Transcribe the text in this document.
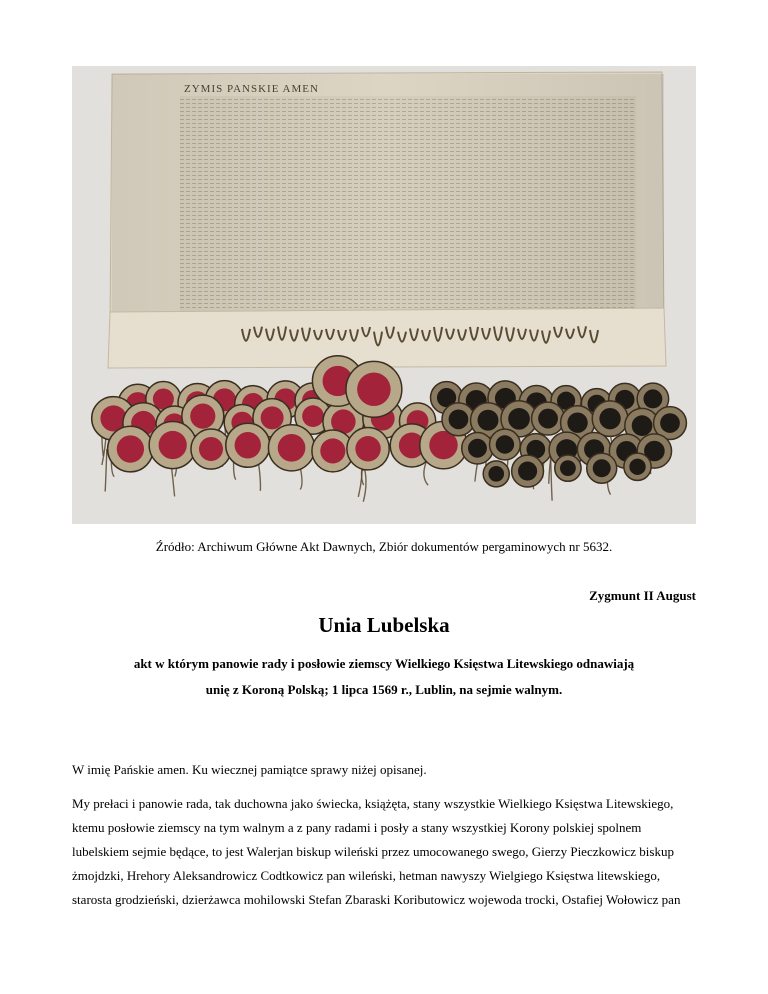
ZYMIS PANSKIE AMEN
Źródło: Archiwum Główne Akt Dawnych, Zbiór dokumentów pergaminowych nr 5632.
Zygmunt II August
Unia Lubelska
akt w którym panowie rady i posłowie ziemscy Wielkiego Księstwa Litewskiego odnawiają
unię z Koroną Polską; 1 lipca 1569 r., Lublin, na sejmie walnym.

W imię Pańskie amen. Ku wiecznej pamiątce sprawy niżej opisanej.

My prełaci i panowie rada, tak duchowna jako świecka, książęta, stany wszystkie Wielkiego Księstwa Litewskiego, ktemu posłowie ziemscy na tym walnym a z pany radami i posły a stany wszystkiej Korony polskiej spolnem lubelskiem sejmie będące, to jest Walerjan biskup wileński przez umocowanego swego, Gierzy Pieczkowicz biskup żmojdzki, Hrehory Aleksandrowicz Codtkowicz pan wileński, hetman nawyszy Wielgiego Księstwa litewskiego, starosta grodzieński, dzierżawca mohilowski Stefan Zbaraski Koributowicz wojewoda trocki, Ostafiej Wołowicz pan
